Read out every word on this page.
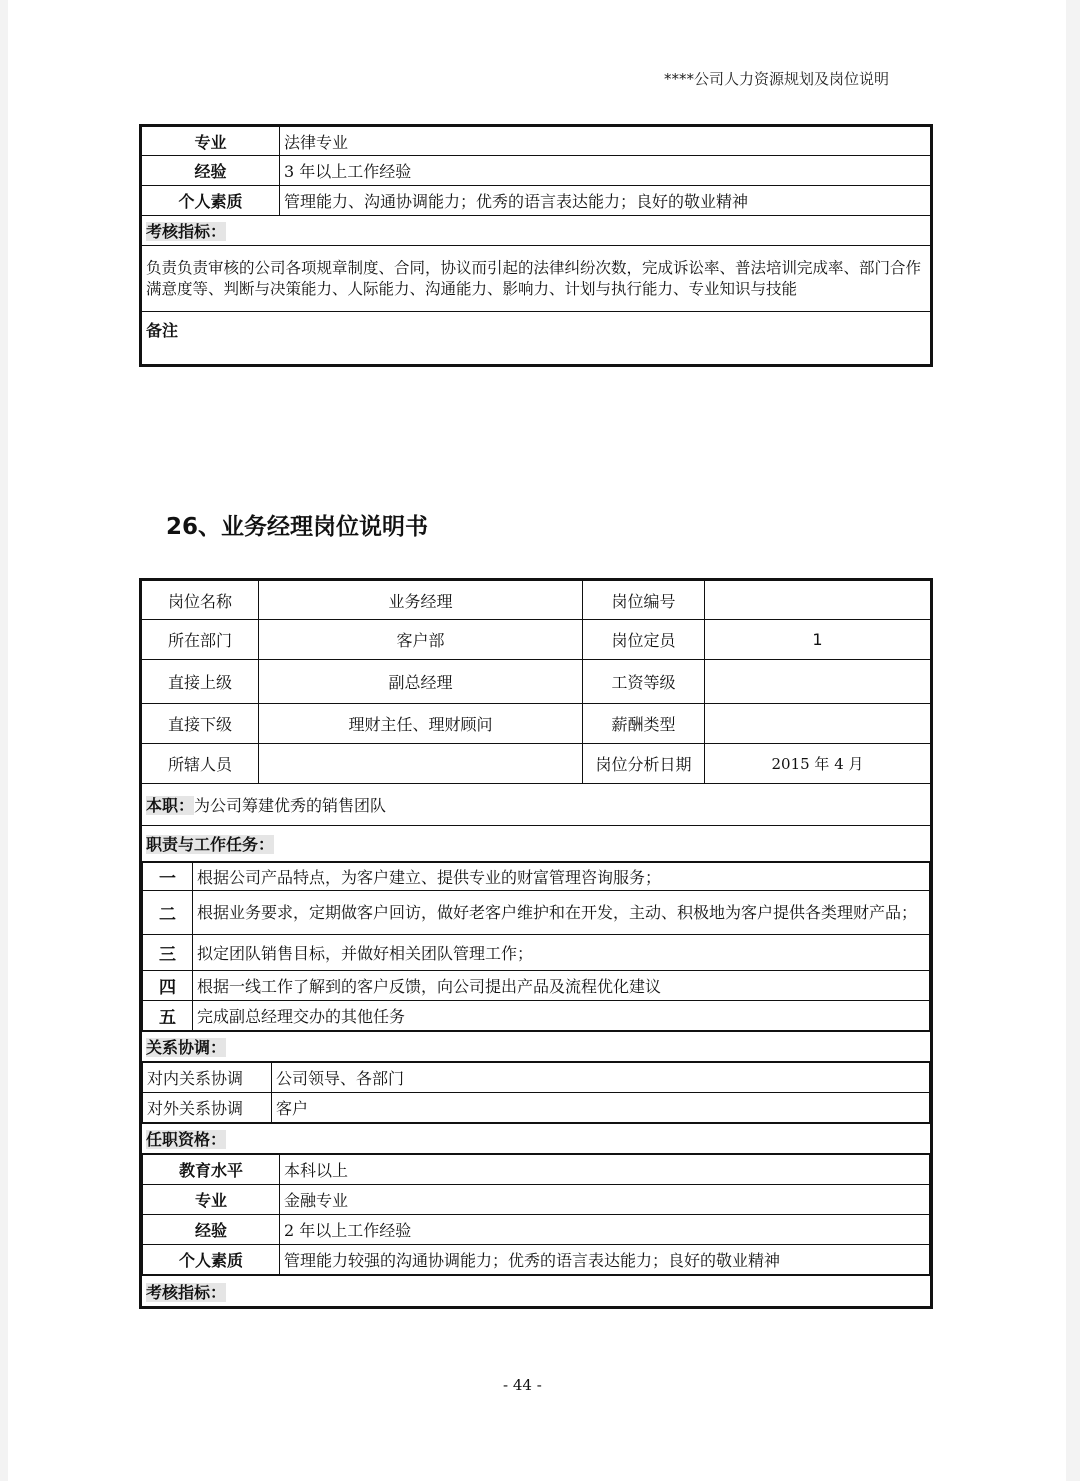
****公司人力资源规划及岗位说明
专业	法律专业
经验	3 年以上工作经验
个人素质	管理能力、沟通协调能力；优秀的语言表达能力；良好的敬业精神
考核指标：	
负责负责审核的公司各项规章制度、合同，协议而引起的法律纠纷次数，完成诉讼率、普法培训完成率、部门合作满意度等、判断与决策能力、人际能力、沟通能力、影响力、计划与执行能力、专业知识与技能	
备注	
26、业务经理岗位说明书
岗位名称	业务经理	岗位编号	
所在部门	客户部	岗位定员	1
直接上级	副总经理	工资等级	
直接下级	理财主任、理财顾问	薪酬类型	
所辖人员		岗位分析日期	2015 年 4 月
本职：为公司筹建优秀的销售团队
职责与工作任务：

一	根据公司产品特点，为客户建立、提供专业的财富管理咨询服务；
二	根据业务要求，定期做客户回访，做好老客户维护和在开发，主动、积极地为客户提供各类理财产品；
三	拟定团队销售目标，并做好相关团队管理工作；
四	根据一线工作了解到的客户反馈，向公司提出产品及流程优化建议
五	完成副总经理交办的其他任务

关系协调：

对内关系协调	公司领导、各部门
对外关系协调	客户

任职资格：

教育水平	本科以上
专业	金融专业
经验	2 年以上工作经验
个人素质	管理能力较强的沟通协调能力；优秀的语言表达能力；良好的敬业精神

考核指标：
- 44 -
